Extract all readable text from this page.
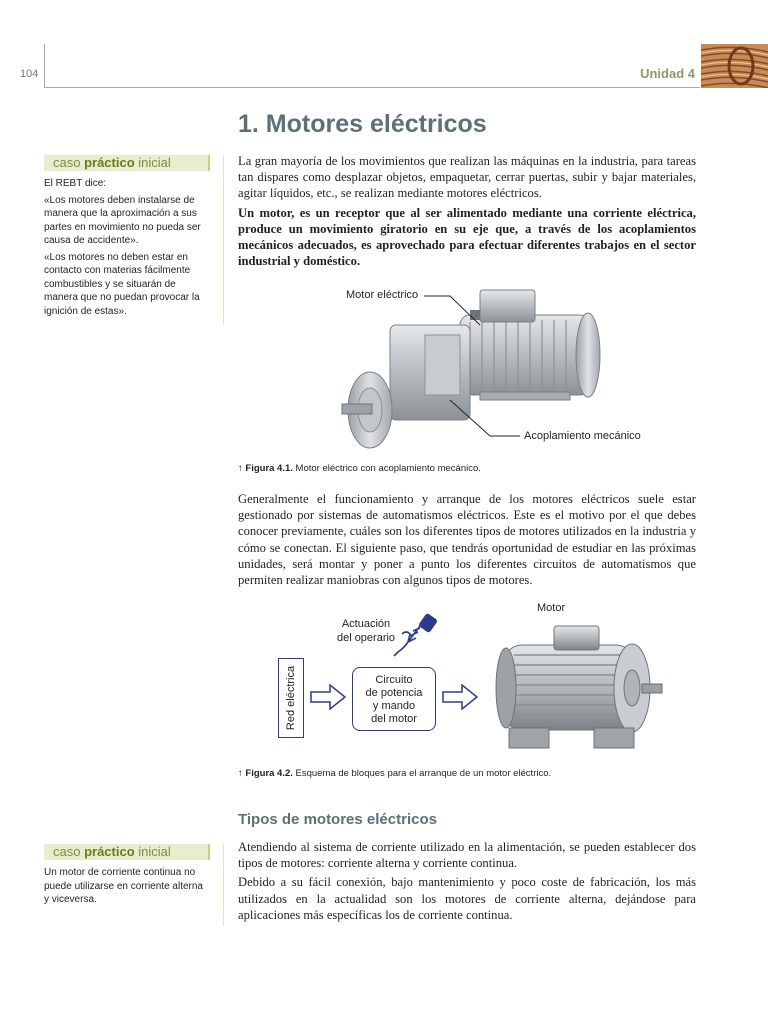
104	Unidad 4
1. Motores eléctricos
caso práctico inicial

El REBT dice:

«Los motores deben instalarse de manera que la aproximación a sus partes en movimiento no pueda ser causa de accidente».

«Los motores no deben estar en contacto con materias fácilmente combustibles y se situarán de manera que no puedan provocar la ignición de estas».

caso práctico inicial

Un motor de corriente continua no puede utilizarse en corriente alterna y viceversa.

La gran mayoría de los movimientos que realizan las máquinas en la industria, para tareas tan dispares como desplazar objetos, empaquetar, cerrar puertas, subir y bajar materiales, agitar líquidos, etc., se realizan mediante motores eléctricos.

Un motor, es un receptor que al ser alimentado mediante una corriente eléctrica, produce un movimiento giratorio en su eje que, a través de los acoplamientos mecánicos adecuados, es aprovechado para efectuar diferentes trabajos en el sector industrial y doméstico.

Motor eléctrico
Acoplamiento mecánico
↑ Figura 4.1. Motor eléctrico con acoplamiento mecánico.

Generalmente el funcionamiento y arranque de los motores eléctricos suele estar gestionado por sistemas de automatismos eléctricos. Este es el motivo por el que debes conocer previamente, cuáles son los diferentes tipos de motores utilizados en la industria y cómo se conectan. El siguiente paso, que tendrás oportunidad de estudiar en las próximas unidades, será montar y poner a punto los diferentes circuitos de automatismos que permiten realizar maniobras con algunos tipos de motores.

Motor
Actuación
del operario
Red eléctrica	Circuito
de potencia
y mando
del motor
↑ Figura 4.2. Esquema de bloques para el arranque de un motor eléctrico.
Tipos de motores eléctricos

Atendiendo al sistema de corriente utilizado en la alimentación, se pueden establecer dos tipos de motores: corriente alterna y corriente continua.

Debido a su fácil conexión, bajo mantenimiento y poco coste de fabricación, los más utilizados en la actualidad son los motores de corriente alterna, dejándose para aplicaciones más específicas los de corriente continua.
